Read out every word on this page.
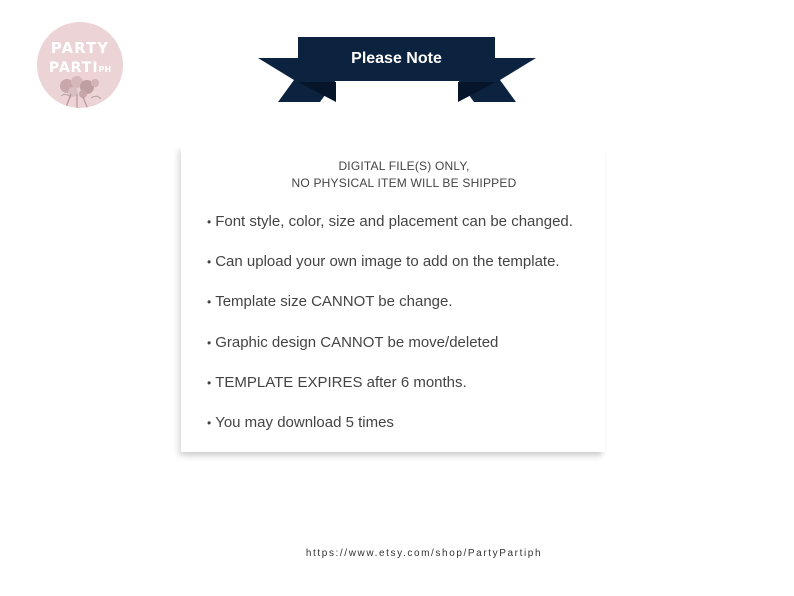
PARTY
PARTIPH
Please Note
DIGITAL FILE(S) ONLY,
NO PHYSICAL ITEM WILL BE SHIPPED
• Font style, color, size and placement can be changed.
• Can upload your own image to add on the template.
• Template size CANNOT be change.
• Graphic design CANNOT be move/deleted
• TEMPLATE EXPIRES after 6 months.
• You may download 5 times
https://www.etsy.com/shop/PartyPartiph
